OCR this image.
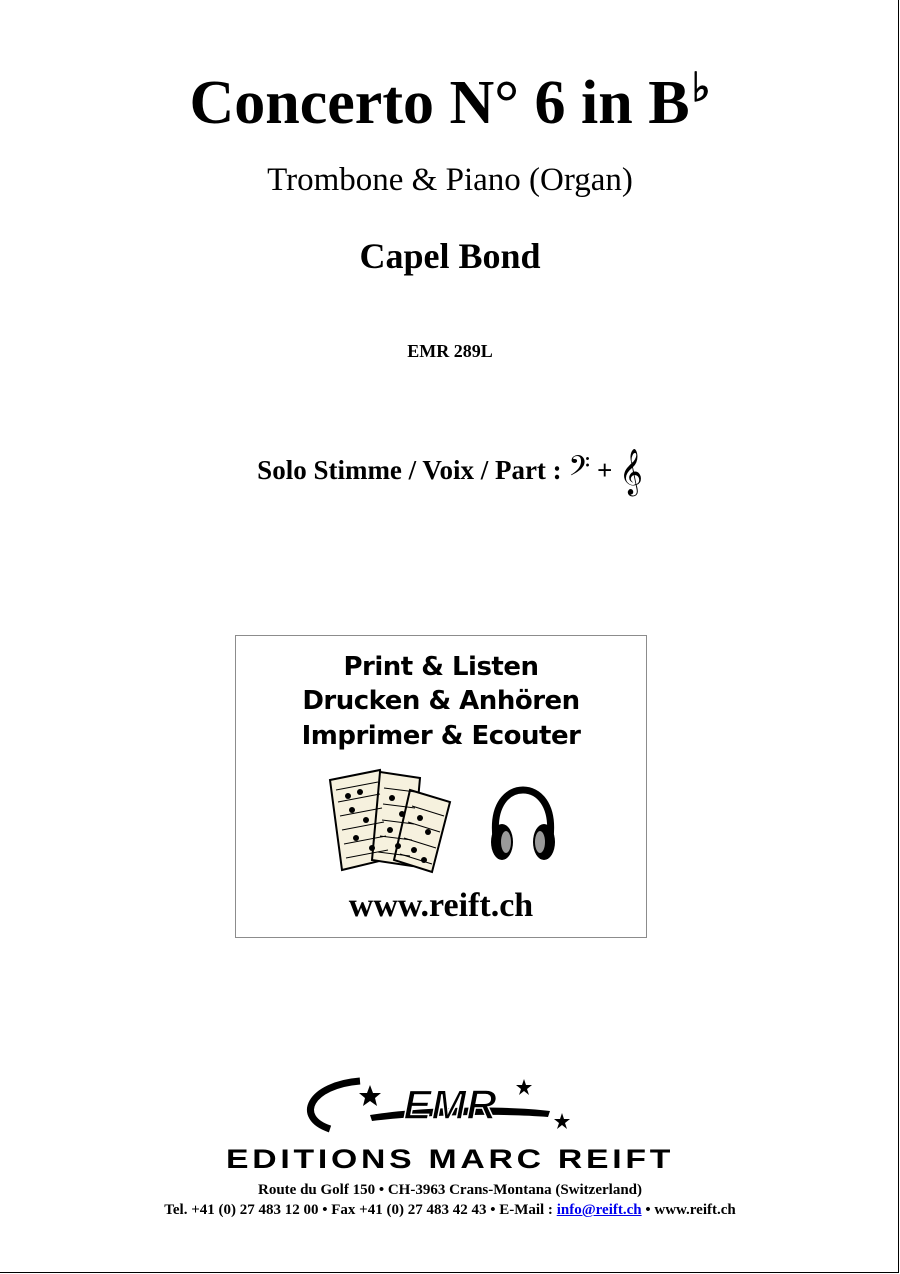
Concerto N° 6 in B♭
Trombone & Piano (Organ)
Capel Bond
EMR 289L
Solo Stimme / Voix / Part : 𝄢 + 𝄞
Print & Listen
Drucken & Anhören
Imprimer & Ecouter
www.reift.ch
EMR
EDITIONS MARC REIFT
Route du Golf 150 • CH-3963 Crans-Montana (Switzerland)
Tel. +41 (0) 27 483 12 00 • Fax +41 (0) 27 483 42 43 • E-Mail : info@reift.ch • www.reift.ch
